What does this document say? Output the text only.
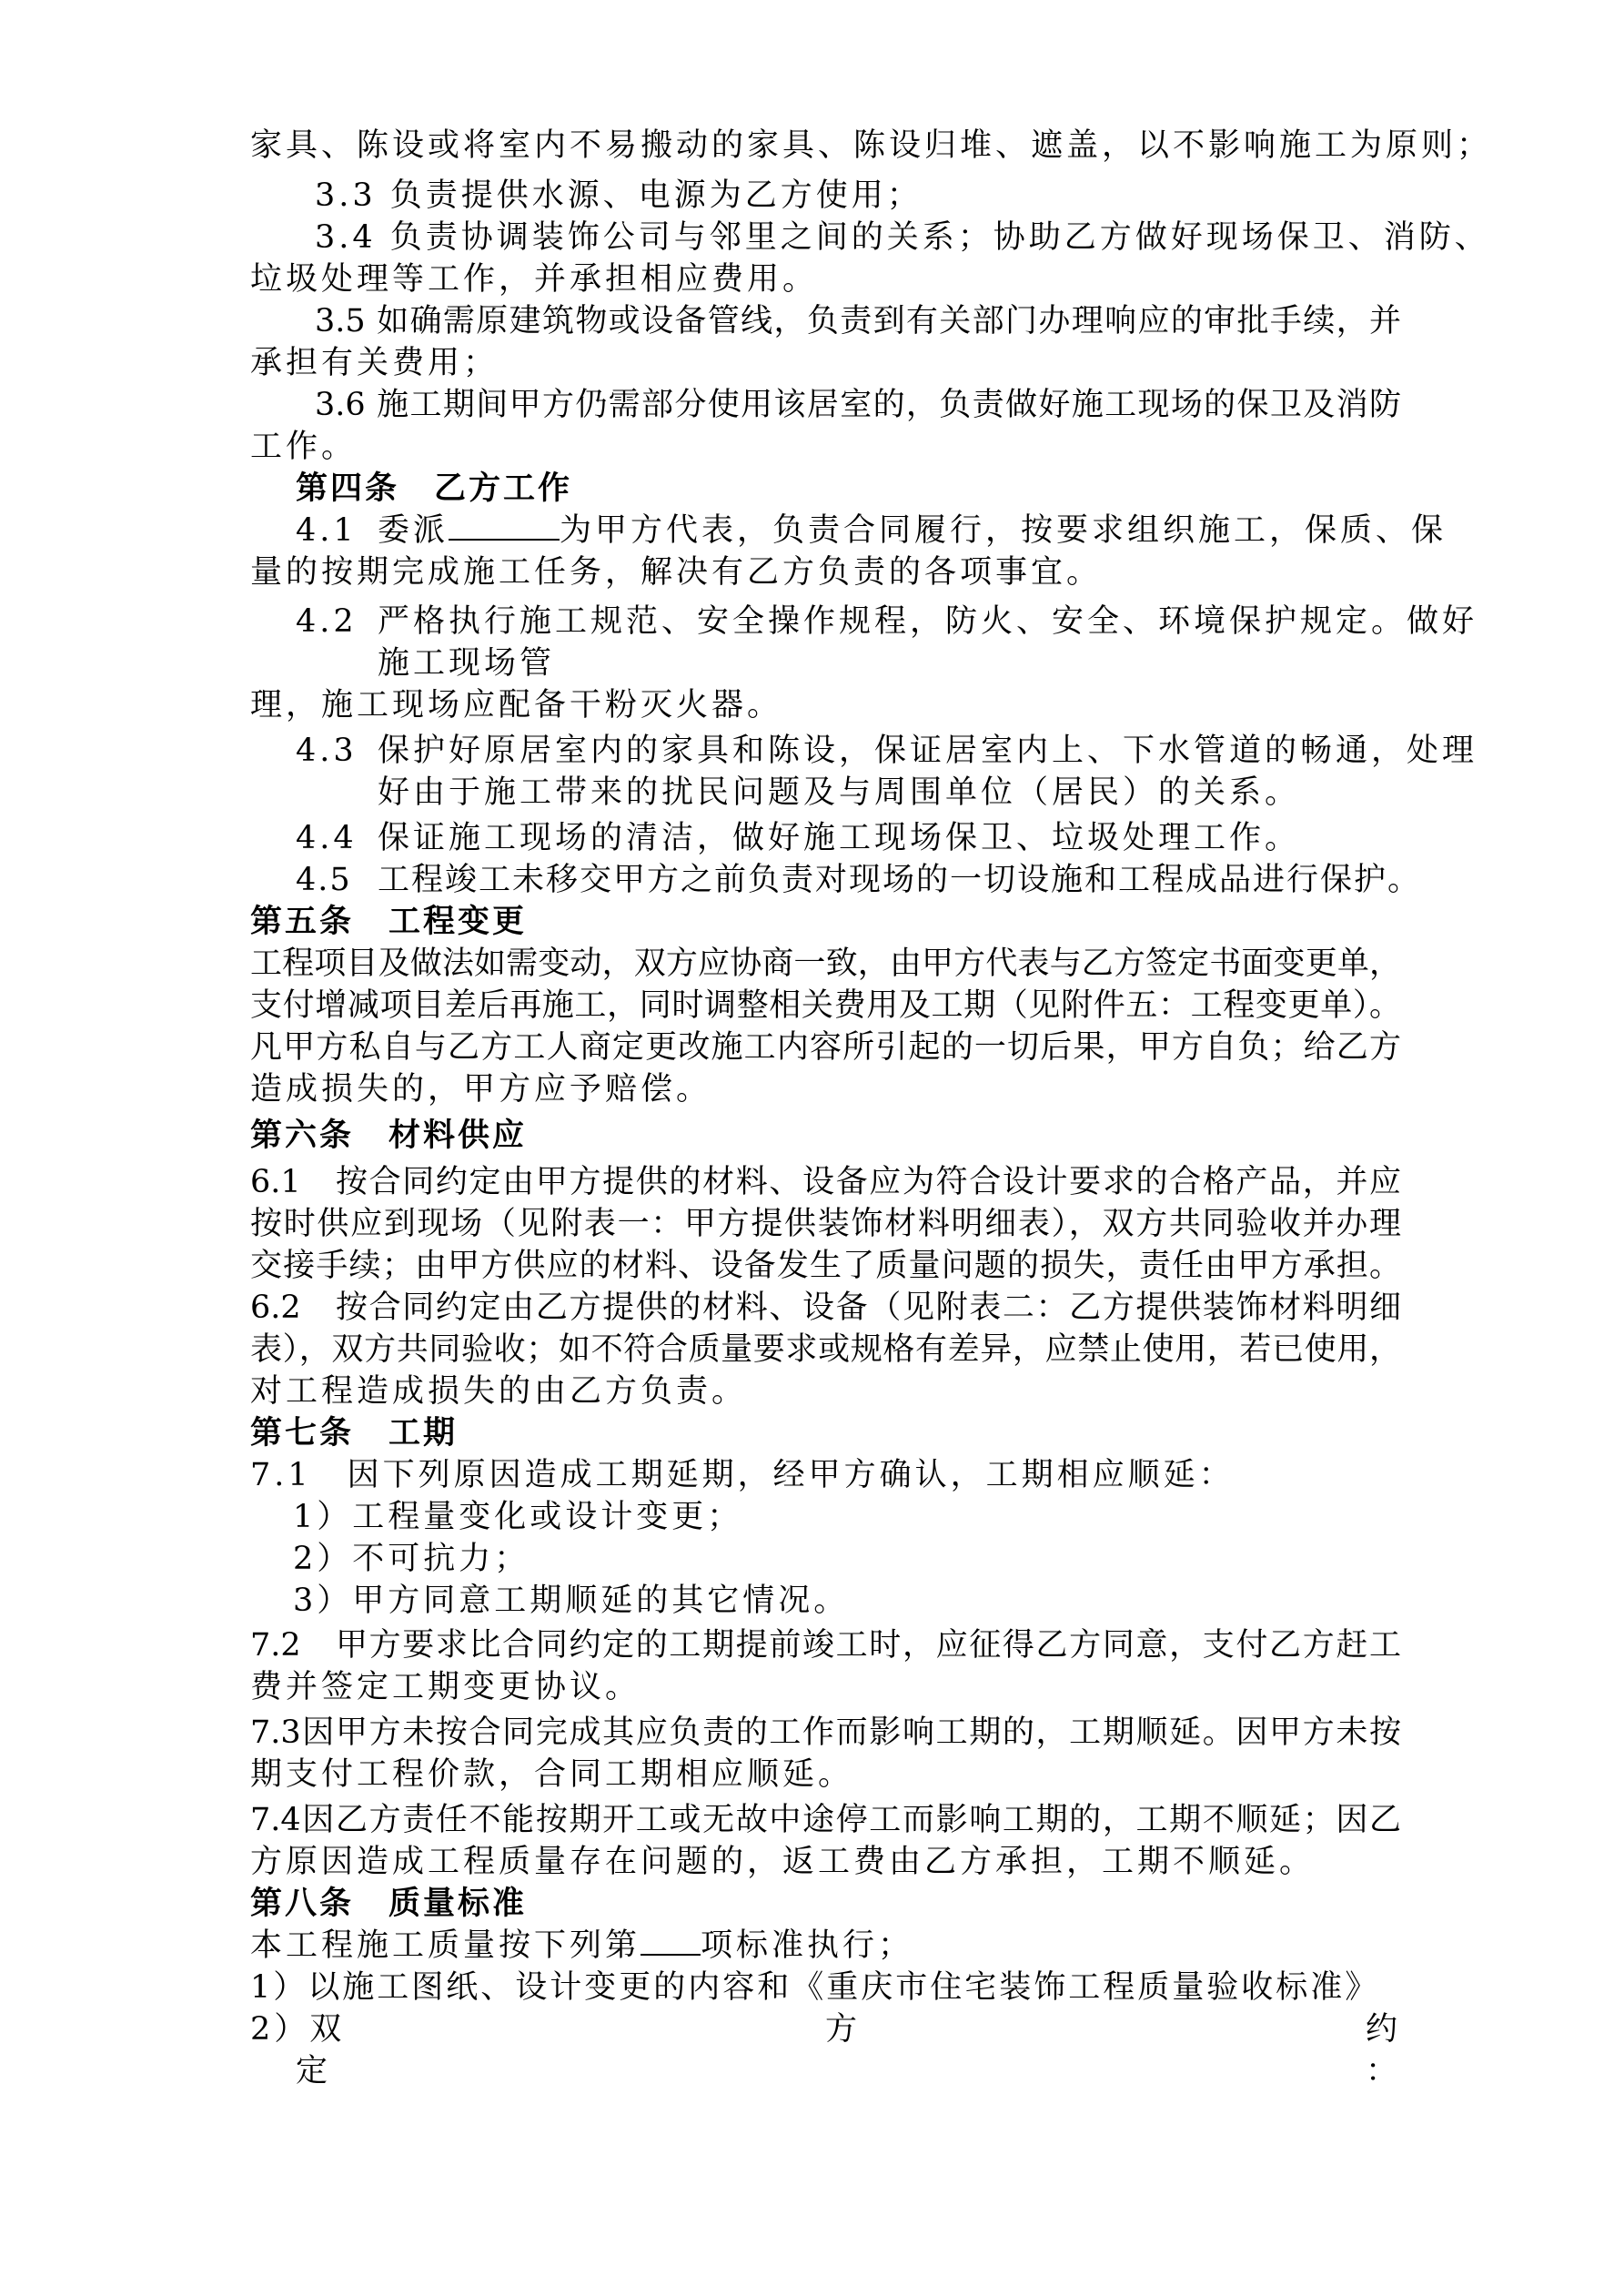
家具、陈设或将室内不易搬动的家具、陈设归堆、遮盖，以不影响施工为原则；
3.3 负责提供水源、电源为乙方使用；
3.4 负责协调装饰公司与邻里之间的关系；协助乙方做好现场保卫、消防、
垃圾处理等工作，并承担相应费用。
3.5 如确需原建筑物或设备管线，负责到有关部门办理响应的审批手续，并
承担有关费用；
3.6 施工期间甲方仍需部分使用该居室的，负责做好施工现场的保卫及消防
工作。
第四条　乙方工作
4.1 委派	为甲方代表，负责合同履行，按要求组织施工，保质、保
量的按期完成施工任务，解决有乙方负责的各项事宜。
4.2 严格执行施工规范、安全操作规程，防火、安全、环境保护规定。做好
施工现场管
理，施工现场应配备干粉灭火器。
4.3 保护好原居室内的家具和陈设，保证居室内上、下水管道的畅通，处理
好由于施工带来的扰民问题及与周围单位（居民）的关系。
4.4 保证施工现场的清洁，做好施工现场保卫、垃圾处理工作。
4.5 工程竣工未移交甲方之前负责对现场的一切设施和工程成品进行保护。
第五条　工程变更
工程项目及做法如需变动，双方应协商一致，由甲方代表与乙方签定书面变更单，
支付增减项目差后再施工，同时调整相关费用及工期（见附件五：工程变更单）。
凡甲方私自与乙方工人商定更改施工内容所引起的一切后果，甲方自负；给乙方
造成损失的，甲方应予赔偿。
第六条　材料供应
6.1　按合同约定由甲方提供的材料、设备应为符合设计要求的合格产品，并应
按时供应到现场（见附表一：甲方提供装饰材料明细表），双方共同验收并办理
交接手续；由甲方供应的材料、设备发生了质量问题的损失，责任由甲方承担。
6.2　按合同约定由乙方提供的材料、设备（见附表二：乙方提供装饰材料明细
表），双方共同验收；如不符合质量要求或规格有差异，应禁止使用，若已使用，
对工程造成损失的由乙方负责。
第七条　工期
7.1　因下列原因造成工期延期，经甲方确认，工期相应顺延：
1）工程量变化或设计变更；
2）不可抗力；
3）甲方同意工期顺延的其它情况。
7.2　甲方要求比合同约定的工期提前竣工时，应征得乙方同意，支付乙方赶工
费并签定工期变更协议。
7.3因甲方未按合同完成其应负责的工作而影响工期的，工期顺延。因甲方未按
期支付工程价款，合同工期相应顺延。
7.4因乙方责任不能按期开工或无故中途停工而影响工期的，工期不顺延；因乙
方原因造成工程质量存在问题的，返工费由乙方承担，工期不顺延。
第八条　质量标准
本工程施工质量按下列第 项标准执行；
1）以施工图纸、设计变更的内容和《重庆市住宅装饰工程质量验收标准》
2）双	方	约
定	：
